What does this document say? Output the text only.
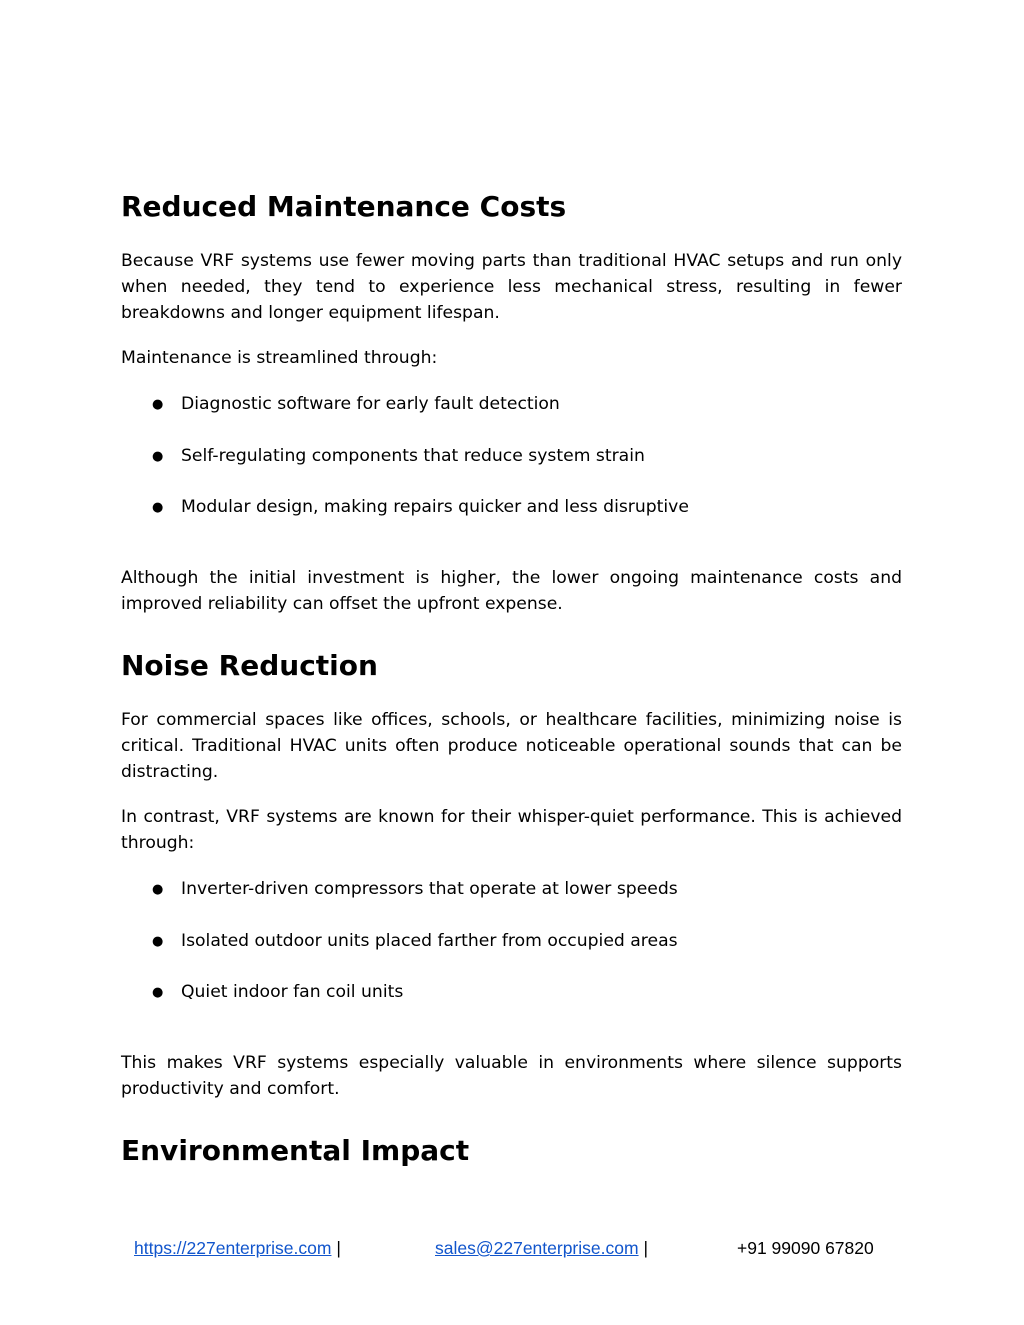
Reduced Maintenance Costs

Because VRF systems use fewer moving parts than traditional HVAC setups and run only when needed, they tend to experience less mechanical stress, resulting in fewer breakdowns and longer equipment lifespan.

Maintenance is streamlined through:

● Diagnostic software for early fault detection
● Self-regulating components that reduce system strain
● Modular design, making repairs quicker and less disruptive

Although the initial investment is higher, the lower ongoing maintenance costs and improved reliability can offset the upfront expense.

Noise Reduction

For commercial spaces like offices, schools, or healthcare facilities, minimizing noise is critical. Traditional HVAC units often produce noticeable operational sounds that can be distracting.

In contrast, VRF systems are known for their whisper-quiet performance. This is achieved through:

● Inverter-driven compressors that operate at lower speeds
● Isolated outdoor units placed farther from occupied areas
● Quiet indoor fan coil units

This makes VRF systems especially valuable in environments where silence supports productivity and comfort.

Environmental Impact
https://227enterprise.com |	sales@227enterprise.com |	+91 99090 67820
